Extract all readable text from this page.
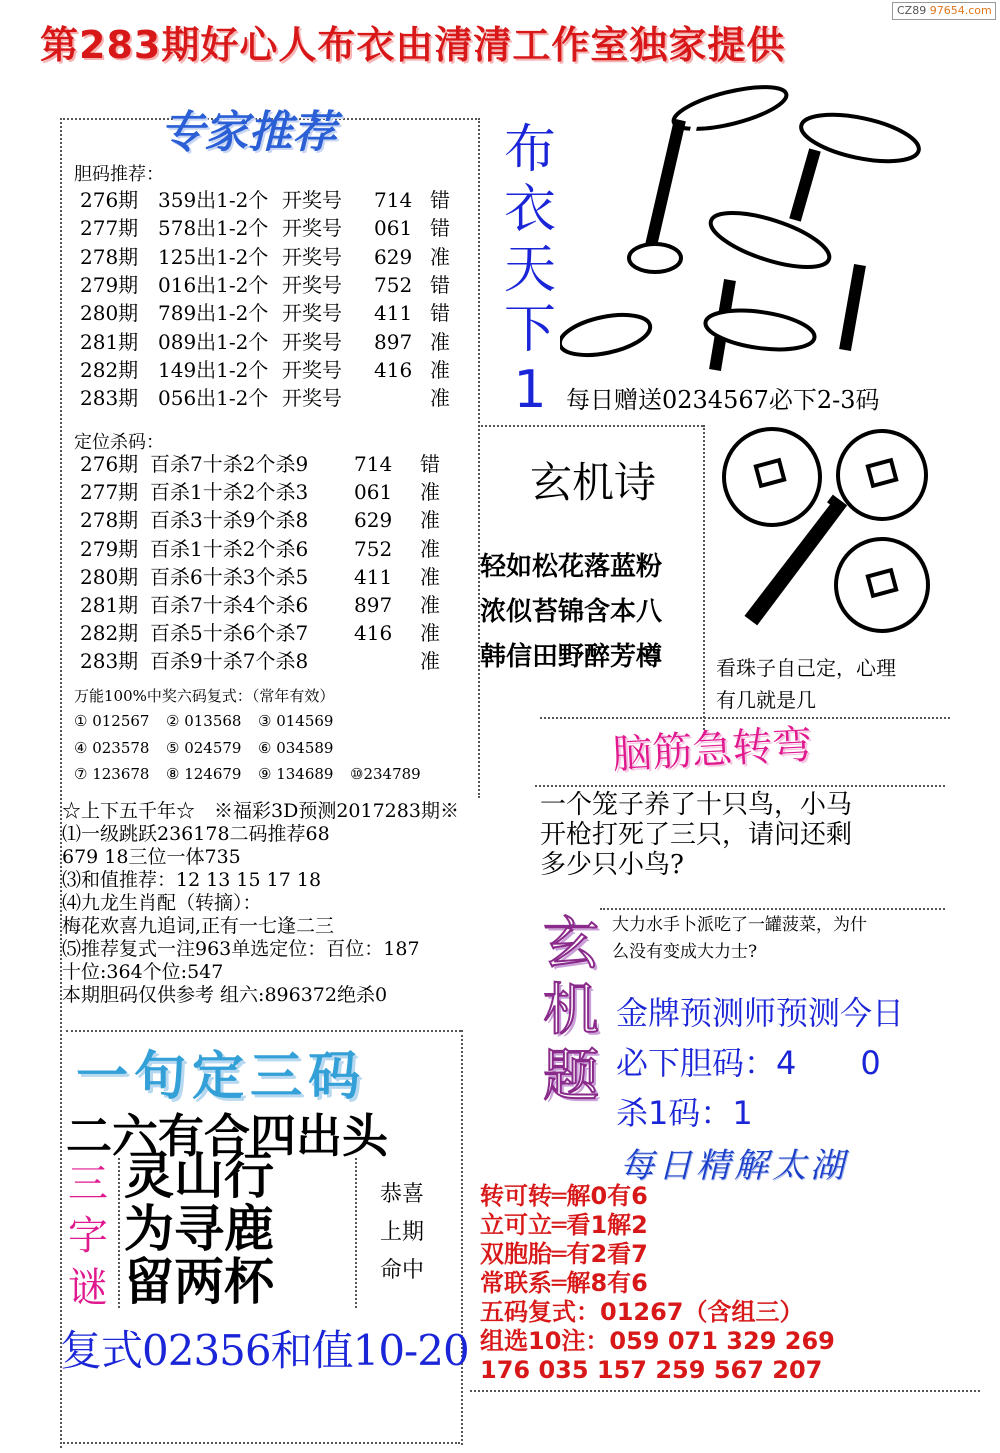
CZ89 97654.com
第283期好心人布衣由清清工作室独家提供
专家推荐
胆码推荐：
276期 359出1-2个 开奖号 714 错
277期 578出1-2个 开奖号 061 错
278期 125出1-2个 开奖号 629 准
279期 016出1-2个 开奖号 752 错
280期 789出1-2个 开奖号 411 错
281期 089出1-2个 开奖号 897 准
282期 149出1-2个 开奖号 416 准
283期 056出1-2个 开奖号	准
定位杀码：
276期 百杀7十杀2个杀9 714 错
277期 百杀1十杀2个杀3 061 准
278期 百杀3十杀9个杀8 629 准
279期 百杀1十杀2个杀6 752 准
280期 百杀6十杀3个杀5 411 准
281期 百杀7十杀4个杀6 897 准
282期 百杀5十杀6个杀7 416 准
283期 百杀9十杀7个杀8	准
万能100%中奖六码复式：（常年有效）
① 012567 ② 013568 ③ 014569
④ 023578 ⑤ 024579 ⑥ 034589
⑦ 123678 ⑧ 124679 ⑨ 134689 ⑩234789
布
衣
天
下
1 每日赠送0234567必下2-3码
玄机诗
轻如松花落蓝粉
浓似苔锦含本八
韩信田野醉芳樽	看珠子自己定，心理
有几就是几
脑筋急转弯
一个笼子养了十只鸟，小马
开枪打死了三只，请问还剩
多少只小鸟?
☆上下五千年☆　※福彩3D预测2017283期※
⑴一级跳跃236178二码推荐68
679 18三位一体735
⑶和值推荐：12 13 15 17 18
⑷九龙生肖配（转摘）：
梅花欢喜九追词,正有一七逢二三
⑸推荐复式一注963单选定位：百位：187
十位:364个位:547
本期胆码仅供参考 组六:896372绝杀0
玄
机
题
大力水手卜派吃了一罐菠菜，为什
么没有变成大力士?
金牌预测师预测今日
必下胆码：4　　0
杀1码：1
一句定三码
二六有合四出头
三
字
谜
灵山行
为寻鹿
留两杯
恭喜
上期
命中
复式02356和值10-20
每日精解太湖
转可转═解0有6
立可立═看1解2
双胞胎═有2看7
常联系═解8有6
五码复式：01267（含组三）
组选10注：059 071 329 269
176 035 157 259 567 207
